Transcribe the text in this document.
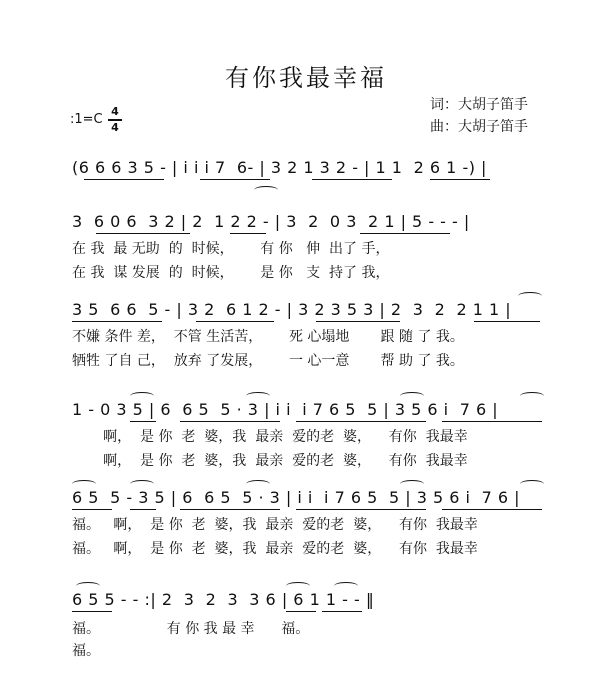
有你我最幸福
词：大胡子笛手
曲：大胡子笛手
:1=C
4
4
(6 6 6 3 5 - | i i i 7  6- | 3 2 1 3 2 - | 1 1  2 6 1 -) |
3  6 0 6  3 2 | 2  1 2 2 - | 3  2  0 3  2 1 | 5 - - - |
在 我  最 无助  的  时候，      有 你   伸  出了 手，
在 我  谋 发展  的  时候，      是 你   支  持了 我，
3 5  6 6  5 - | 3 2  6 1 2 - | 3 2 3 5 3 | 2  3  2  2 1 1 |
不嫌 条件 差，  不管 生活苦，      死 心塌地       跟 随 了 我。
牺牲 了自 己，  放弃 了发展，      一 心一意       帮 助 了 我。
1 - 0 3 5 | 6  6 5  5 · 3 | i i  i 7 6 5  5 | 3 5 6 i  7 6 |
啊，  是 你  老  婆，我  最亲  爱的老  婆，    有你  我最幸
啊，  是 你  老  婆，我  最亲  爱的老  婆，    有你  我最幸
6 5  5 - 3 5 | 6  6 5  5 · 3 | i i  i 7 6 5  5 | 3 5 6 i  7 6 |
福。   啊，  是 你  老  婆，我  最亲  爱的老  婆，    有你  我最幸
福。   啊，  是 你  老  婆，我  最亲  爱的老  婆，    有你  我最幸
6 5 5 - - :| 2  3  2  3  3 6 | 6 1 1 - - ‖
福。               有 你 我 最 幸      福。
福。
